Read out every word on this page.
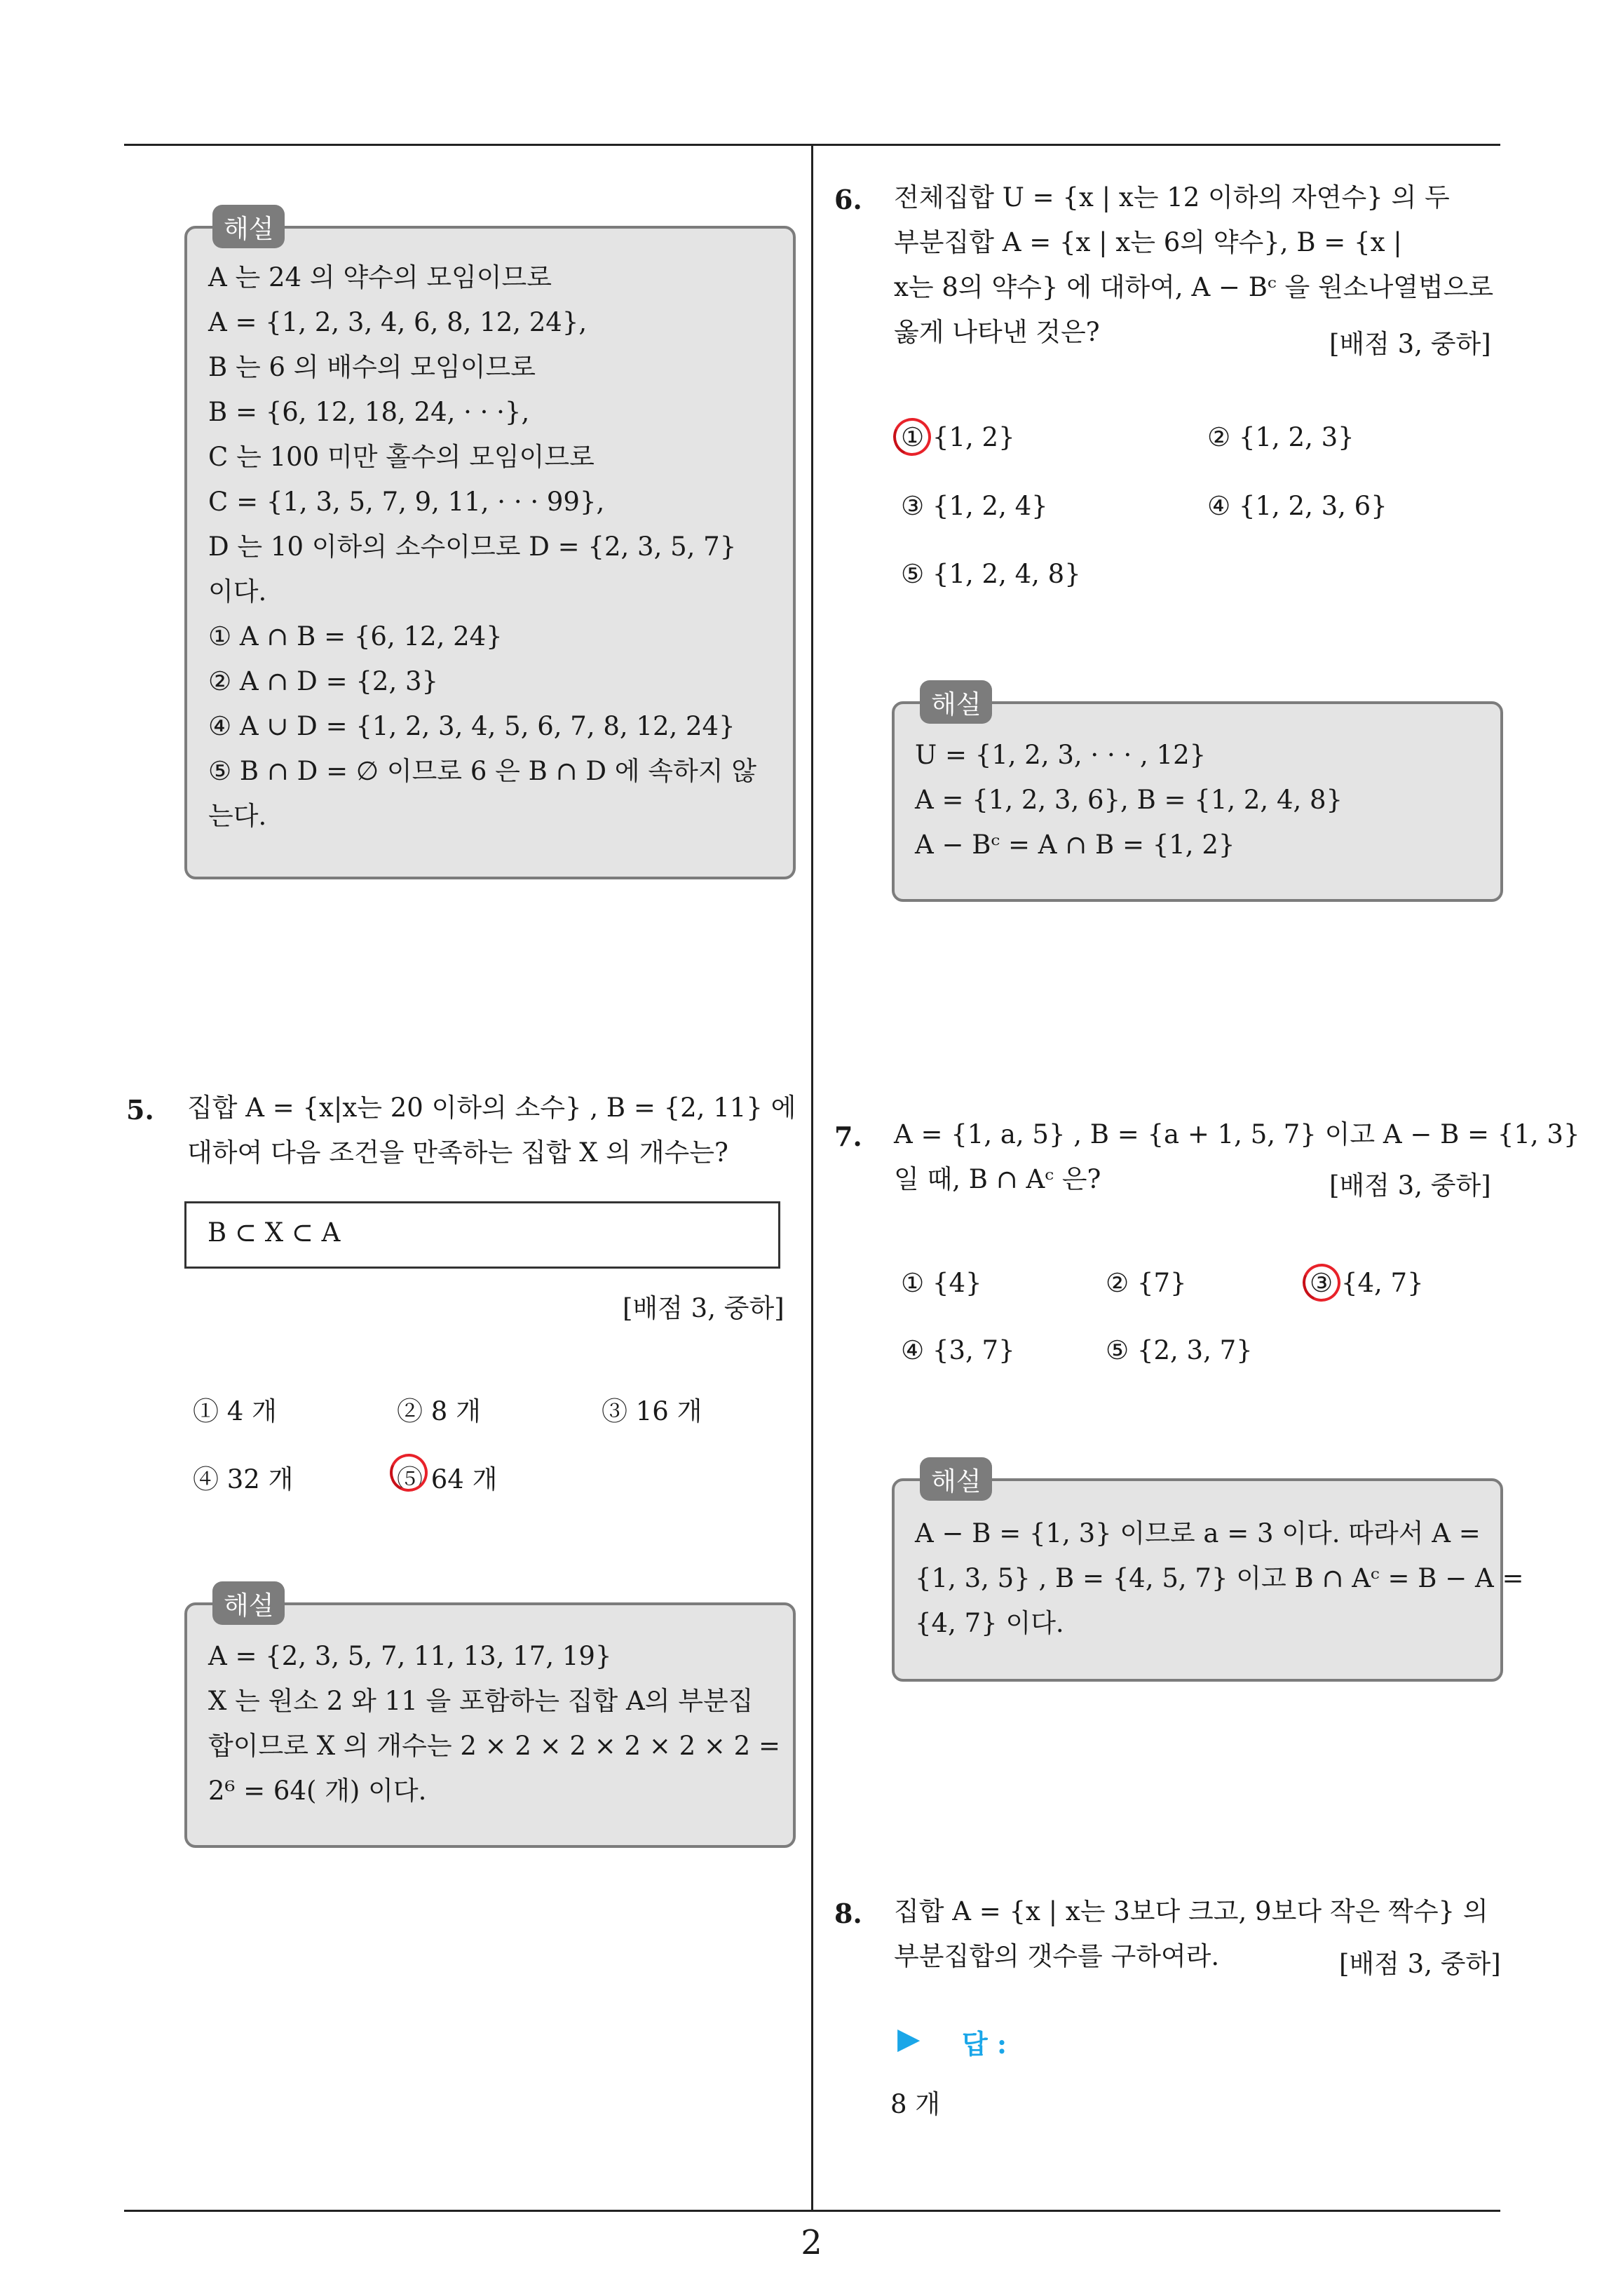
해설
A 는 24 의 약수의 모임이므로
A = {1, 2, 3, 4, 6, 8, 12, 24},
B 는 6 의 배수의 모임이므로
B = {6, 12, 18, 24, · · ·},
C 는 100 미만 홀수의 모임이므로
C = {1, 3, 5, 7, 9, 11, · · · 99},
D 는 10 이하의 소수이므로 D = {2, 3, 5, 7}
이다.
① A ∩ B = {6, 12, 24}
② A ∩ D = {2, 3}
④ A ∪ D = {1, 2, 3, 4, 5, 6, 7, 8, 12, 24}
⑤ B ∩ D = ∅ 이므로 6 은 B ∩ D 에 속하지 않
는다.
5. 집합 A = {x|x는 20 이하의 소수} , B = {2, 11} 에
대하여 다음 조건을 만족하는 집합 X 의 개수는?
B ⊂ X ⊂ A
[배점 3, 중하]
① 4 개	② 8 개	③ 16 개
④ 32 개	⑤ 64 개
해설
A = {2, 3, 5, 7, 11, 13, 17, 19}
X 는 원소 2 와 11 을 포함하는 집합 A의 부분집
합이므로 X 의 개수는 2 × 2 × 2 × 2 × 2 × 2 =
2⁶ = 64( 개) 이다.
6. 전체집합 U = {x | x는 12 이하의 자연수} 의 두
부분집합 A = {x | x는 6의 약수}, B = {x |
x는 8의 약수} 에 대하여, A − Bᶜ 을 원소나열법으로
옳게 나타낸 것은?	[배점 3, 중하]
① {1, 2}	② {1, 2, 3}
③ {1, 2, 4}	④ {1, 2, 3, 6}
⑤ {1, 2, 4, 8}
해설
U = {1, 2, 3, · · · , 12}
A = {1, 2, 3, 6}, B = {1, 2, 4, 8}
A − Bᶜ = A ∩ B = {1, 2}
7. A = {1, a, 5} , B = {a + 1, 5, 7} 이고 A − B = {1, 3}
일 때, B ∩ Aᶜ 은?	[배점 3, 중하]
① {4}	② {7}	③ {4, 7}
④ {3, 7}	⑤ {2, 3, 7}
해설
A − B = {1, 3} 이므로 a = 3 이다. 따라서 A =
{1, 3, 5} , B = {4, 5, 7} 이고 B ∩ Aᶜ = B − A =
{4, 7} 이다.
8. 집합 A = {x | x는 3보다 크고, 9보다 작은 짝수} 의
부분집합의 갯수를 구하여라.	[배점 3, 중하]
▶ 답 :
8 개
2
